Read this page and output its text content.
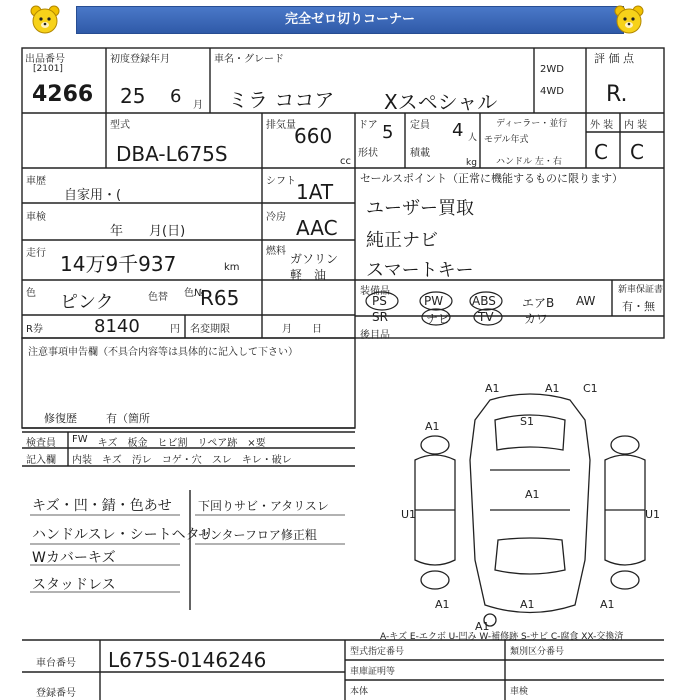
完全ゼロ切りコーナー
出品番号
[2101]
4266
初度登録年月
25 6 月
車名・グレード
ミラ ココア Xスペシャル
2WD
4WD
評 価 点
R.
型式
DBA-L675S
排気量
660
cc
ドア 5 定員 4 人
形状	積載
kg
ディーラー・並行
モデル年式
ハンドル 左・右
外 装 内 装
C C
車歴
自家用・(
シフト 1AT
セールスポイント（正常に機能するものに限ります）
ユーザー買取
純正ナビ
スマートキー
車検
年　　月(日)
冷房 AAC
走行 14万9千937	km
燃料
ガソリン
軽　油
色 ピンク	色替 色№
R65	装備品	新車保証書
有・無
PS	PW ABS エアB AW
SR	ナビ TV	カワ
後目品
R券	8140	円 名変期限	月　　日
注意事項申告欄（不具合内容等は具体的に記入して下さい）
修復歴	有（箇所
検査員
記入欄
FW キズ 板金 ヒビ割 リペア跡 ×要
内装 キズ 汚レ コゲ・穴 スレ キレ・破レ
キズ・凹・錆・色あせ
ハンドルスレ・シートヘタリ
Wカバーキズ
スタッドレス
下回りサビ・アタリスレ
センターフロア修正粗
A1	A1 C1
S1
A1
A1
U1	U1
A1	A1	A1
A1
A-キズ E-エクボ U-凹み W-補修跡 S-サビ C-腐食 XX-交換済
車台番号 L675S-0146246
登録番号
型式指定番号	類別区分番号
車庫証明等
本体	車検
